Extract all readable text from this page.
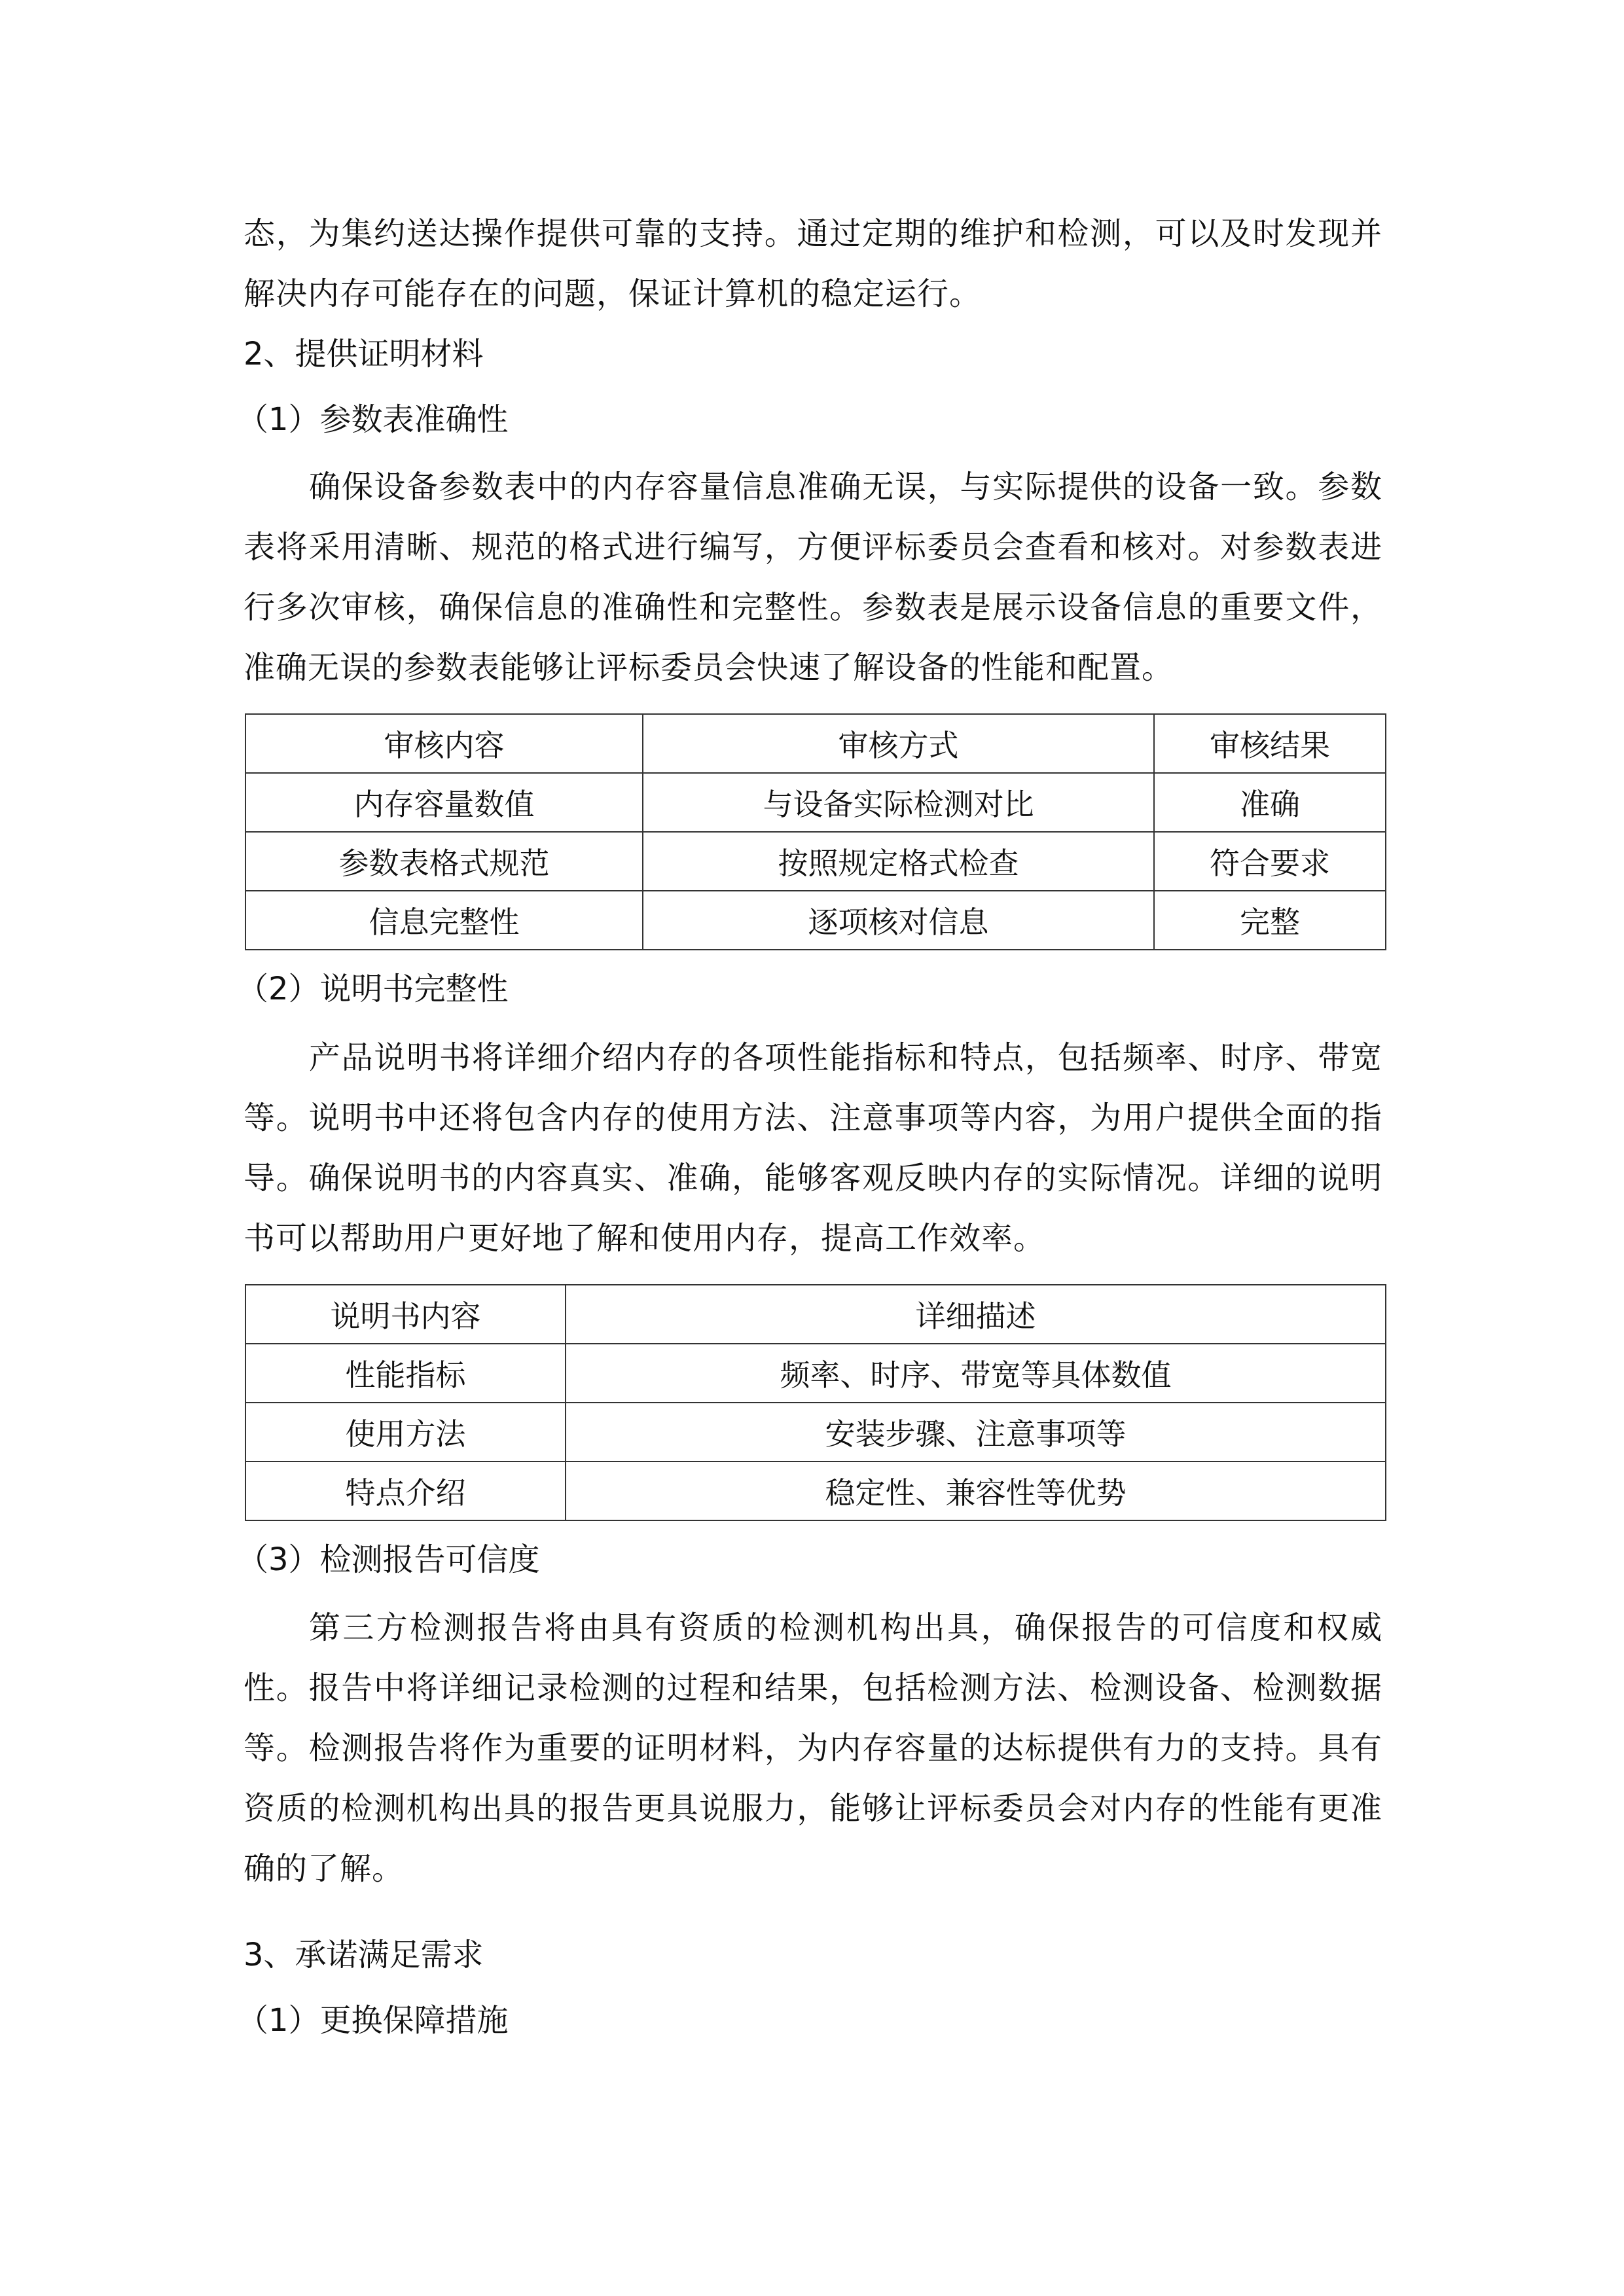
态，为集约送达操作提供可靠的支持。通过定期的维护和检测，可以及时发现并解决内存可能存在的问题，保证计算机的稳定运行。

2、提供证明材料

（1）参数表准确性

确保设备参数表中的内存容量信息准确无误，与实际提供的设备一致。参数表将采用清晰、规范的格式进行编写，方便评标委员会查看和核对。对参数表进行多次审核，确保信息的准确性和完整性。参数表是展示设备信息的重要文件，准确无误的参数表能够让评标委员会快速了解设备的性能和配置。

审核内容	审核方式	审核结果
内存容量数值	与设备实际检测对比	准确
参数表格式规范	按照规定格式检查	符合要求
信息完整性	逐项核对信息	完整

（2）说明书完整性

产品说明书将详细介绍内存的各项性能指标和特点，包括频率、时序、带宽等。说明书中还将包含内存的使用方法、注意事项等内容，为用户提供全面的指导。确保说明书的内容真实、准确，能够客观反映内存的实际情况。详细的说明书可以帮助用户更好地了解和使用内存，提高工作效率。

说明书内容	详细描述
性能指标	频率、时序、带宽等具体数值
使用方法	安装步骤、注意事项等
特点介绍	稳定性、兼容性等优势

（3）检测报告可信度

第三方检测报告将由具有资质的检测机构出具，确保报告的可信度和权威性。报告中将详细记录检测的过程和结果，包括检测方法、检测设备、检测数据等。检测报告将作为重要的证明材料，为内存容量的达标提供有力的支持。具有资质的检测机构出具的报告更具说服力，能够让评标委员会对内存的性能有更准确的了解。

3、承诺满足需求

（1）更换保障措施
